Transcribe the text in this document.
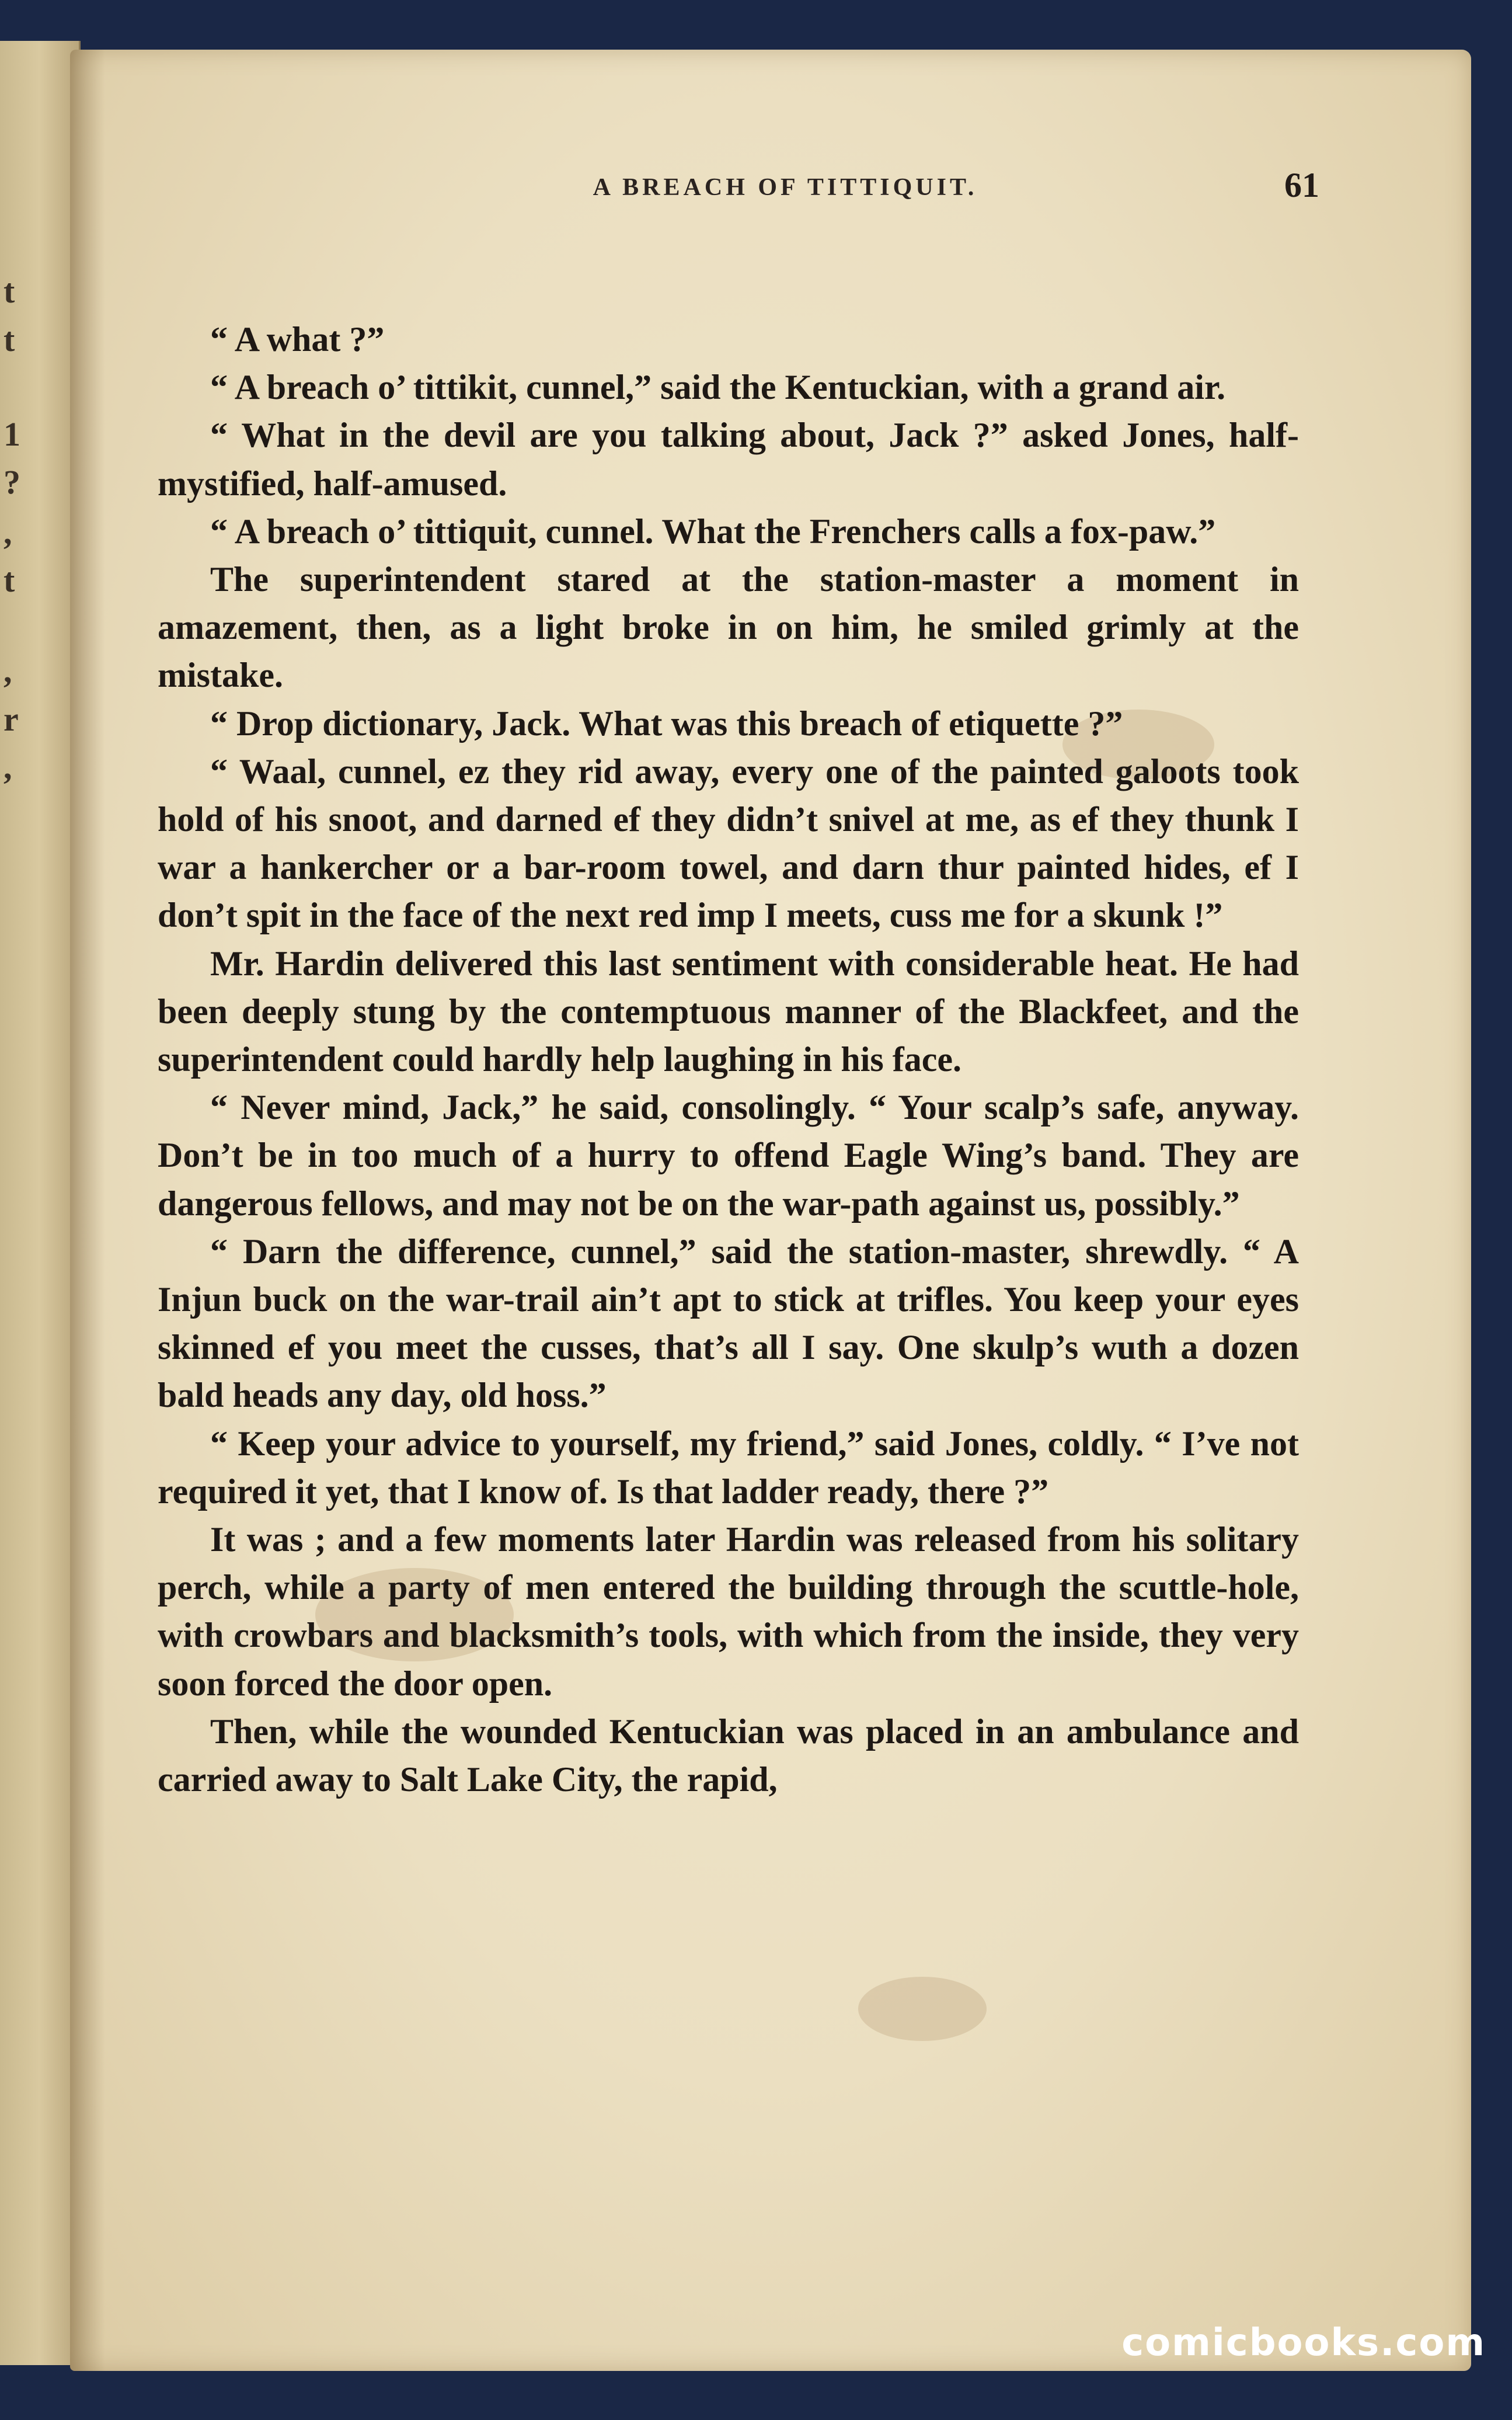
t
t
1
?
,
t
,
r
,
A BREACH OF TITTIQUIT.	61

“ A what ?”

“ A breach o’ tittikit, cunnel,” said the Kentuckian, with a grand air.

“ What in the devil are you talking about, Jack ?” asked Jones, half-mystified, half-amused.

“ A breach o’ tittiquit, cunnel. What the Frenchers calls a fox-paw.”

The superintendent stared at the station-master a moment in amazement, then, as a light broke in on him, he smiled grimly at the mistake.

“ Drop dictionary, Jack. What was this breach of etiquette ?”

“ Waal, cunnel, ez they rid away, every one of the painted galoots took hold of his snoot, and darned ef they didn’t snivel at me, as ef they thunk I war a hankercher or a bar-room towel, and darn thur painted hides, ef I don’t spit in the face of the next red imp I meets, cuss me for a skunk !”

Mr. Hardin delivered this last sentiment with considerable heat. He had been deeply stung by the contemptuous manner of the Blackfeet, and the superintendent could hardly help laughing in his face.

“ Never mind, Jack,” he said, consolingly. “ Your scalp’s safe, anyway. Don’t be in too much of a hurry to offend Eagle Wing’s band. They are dangerous fellows, and may not be on the war-path against us, possibly.”

“ Darn the difference, cunnel,” said the station-master, shrewdly. “ A Injun buck on the war-trail ain’t apt to stick at trifles. You keep your eyes skinned ef you meet the cusses, that’s all I say. One skulp’s wuth a dozen bald heads any day, old hoss.”

“ Keep your advice to yourself, my friend,” said Jones, coldly. “ I’ve not required it yet, that I know of. Is that ladder ready, there ?”

It was ; and a few moments later Hardin was released from his solitary perch, while a party of men entered the building through the scuttle-hole, with crowbars and blacksmith’s tools, with which from the inside, they very soon forced the door open.

Then, while the wounded Kentuckian was placed in an ambulance and carried away to Salt Lake City, the rapid,

comicbooks.com
